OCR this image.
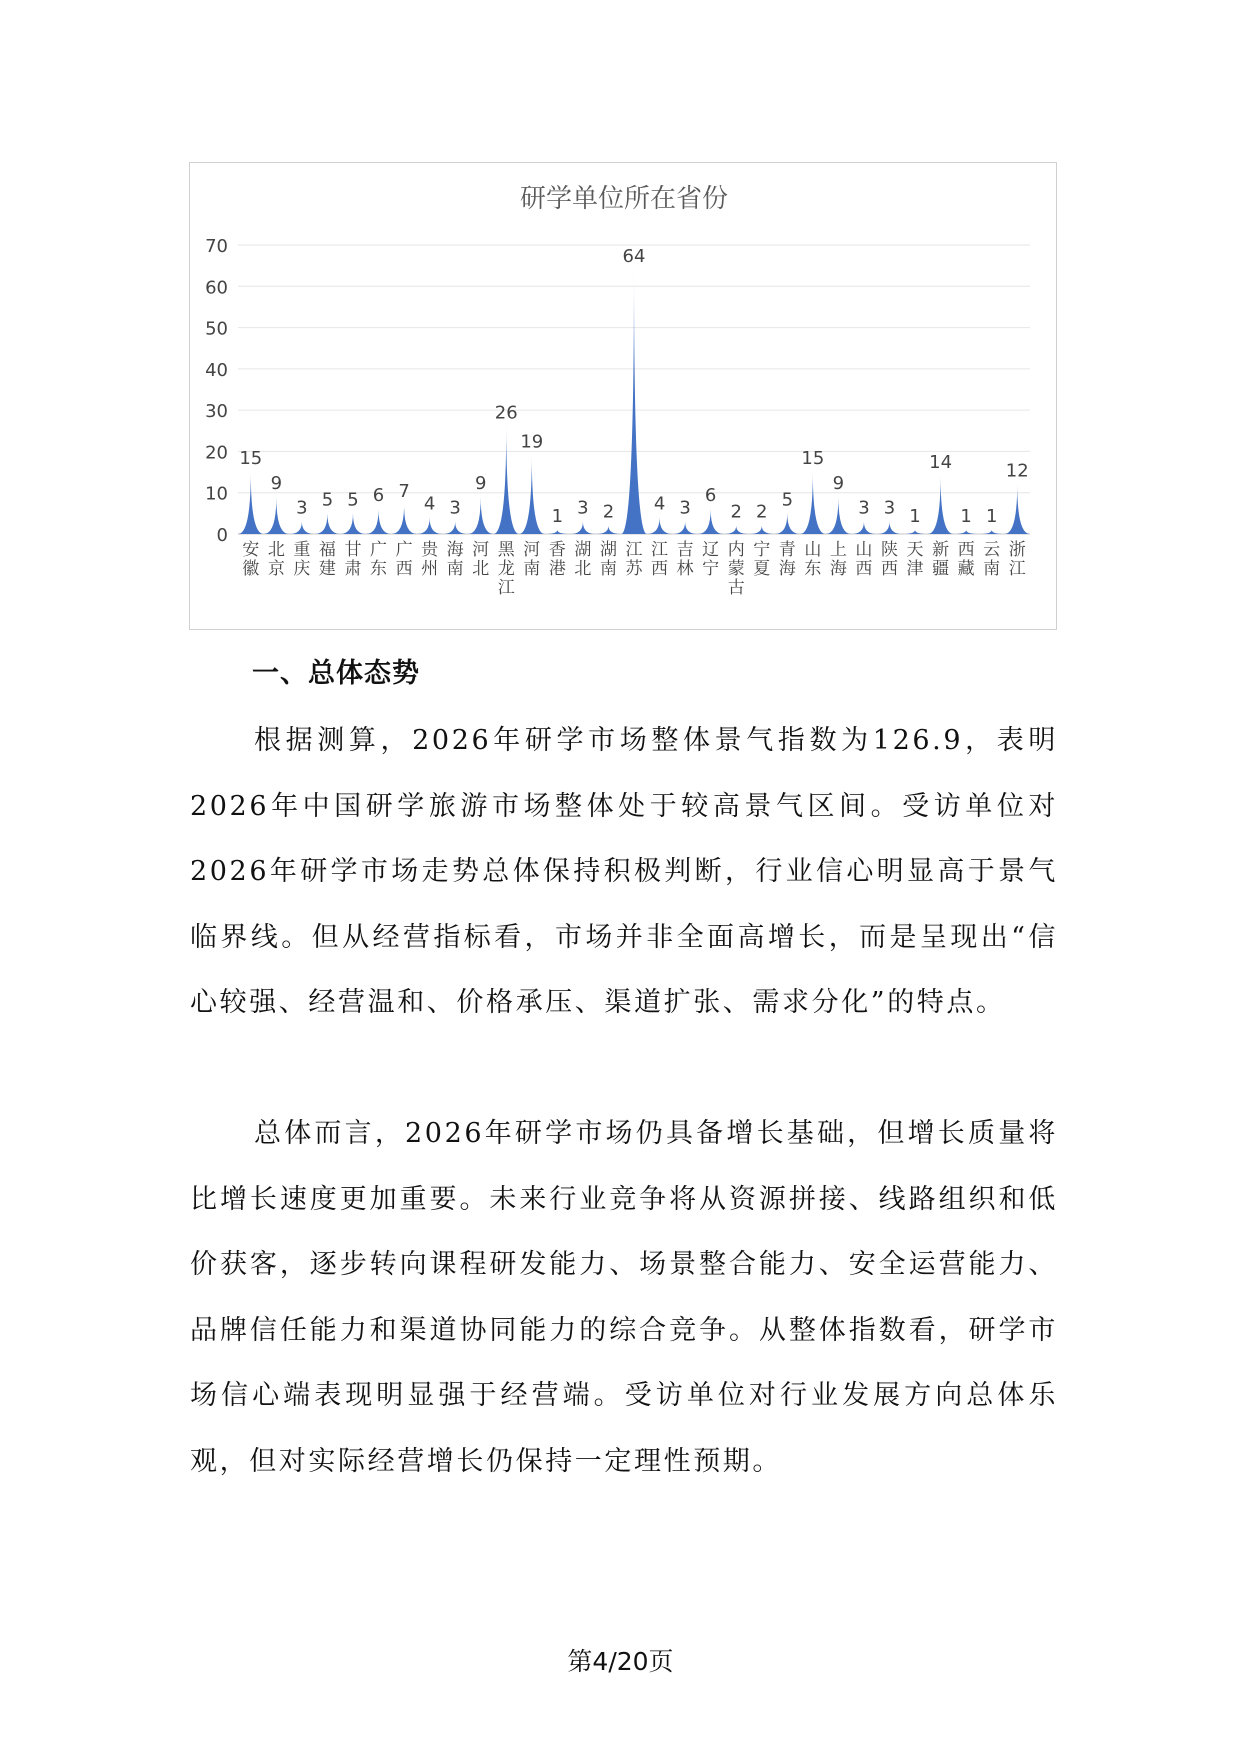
研学单位所在省份
0
10
20
30
40
50
60
70
15
9
3 5 5 6 7
4 3
9
26
19
1 3 2
64
4 3
6
2 2
5
15
9
3 3 1
14
1 1
12
安徽
北京
重庆
福建
甘肃
广东
广西
贵州
海南
河北
黑龙江
河南
香港
湖北
湖南
江苏
江西
吉林
辽宁
内蒙古
宁夏
青海
山东
上海
山西
陕西
天津
新疆
西藏
云南
浙江
一、总体态势

根据测算，2026年研学市场整体景气指数为126.9，表明2026年中国研学旅游市场整体处于较高景气区间。受访单位对2026年研学市场走势总体保持积极判断，行业信心明显高于景气临界线。但从经营指标看，市场并非全面高增长，而是呈现出“信心较强、经营温和、价格承压、渠道扩张、需求分化”的特点。

总体而言，2026年研学市场仍具备增长基础，但增长质量将比增长速度更加重要。未来行业竞争将从资源拼接、线路组织和低价获客，逐步转向课程研发能力、场景整合能力、安全运营能力、品牌信任能力和渠道协同能力的综合竞争。从整体指数看，研学市场信心端表现明显强于经营端。受访单位对行业发展方向总体乐观，但对实际经营增长仍保持一定理性预期。

第4/20页
